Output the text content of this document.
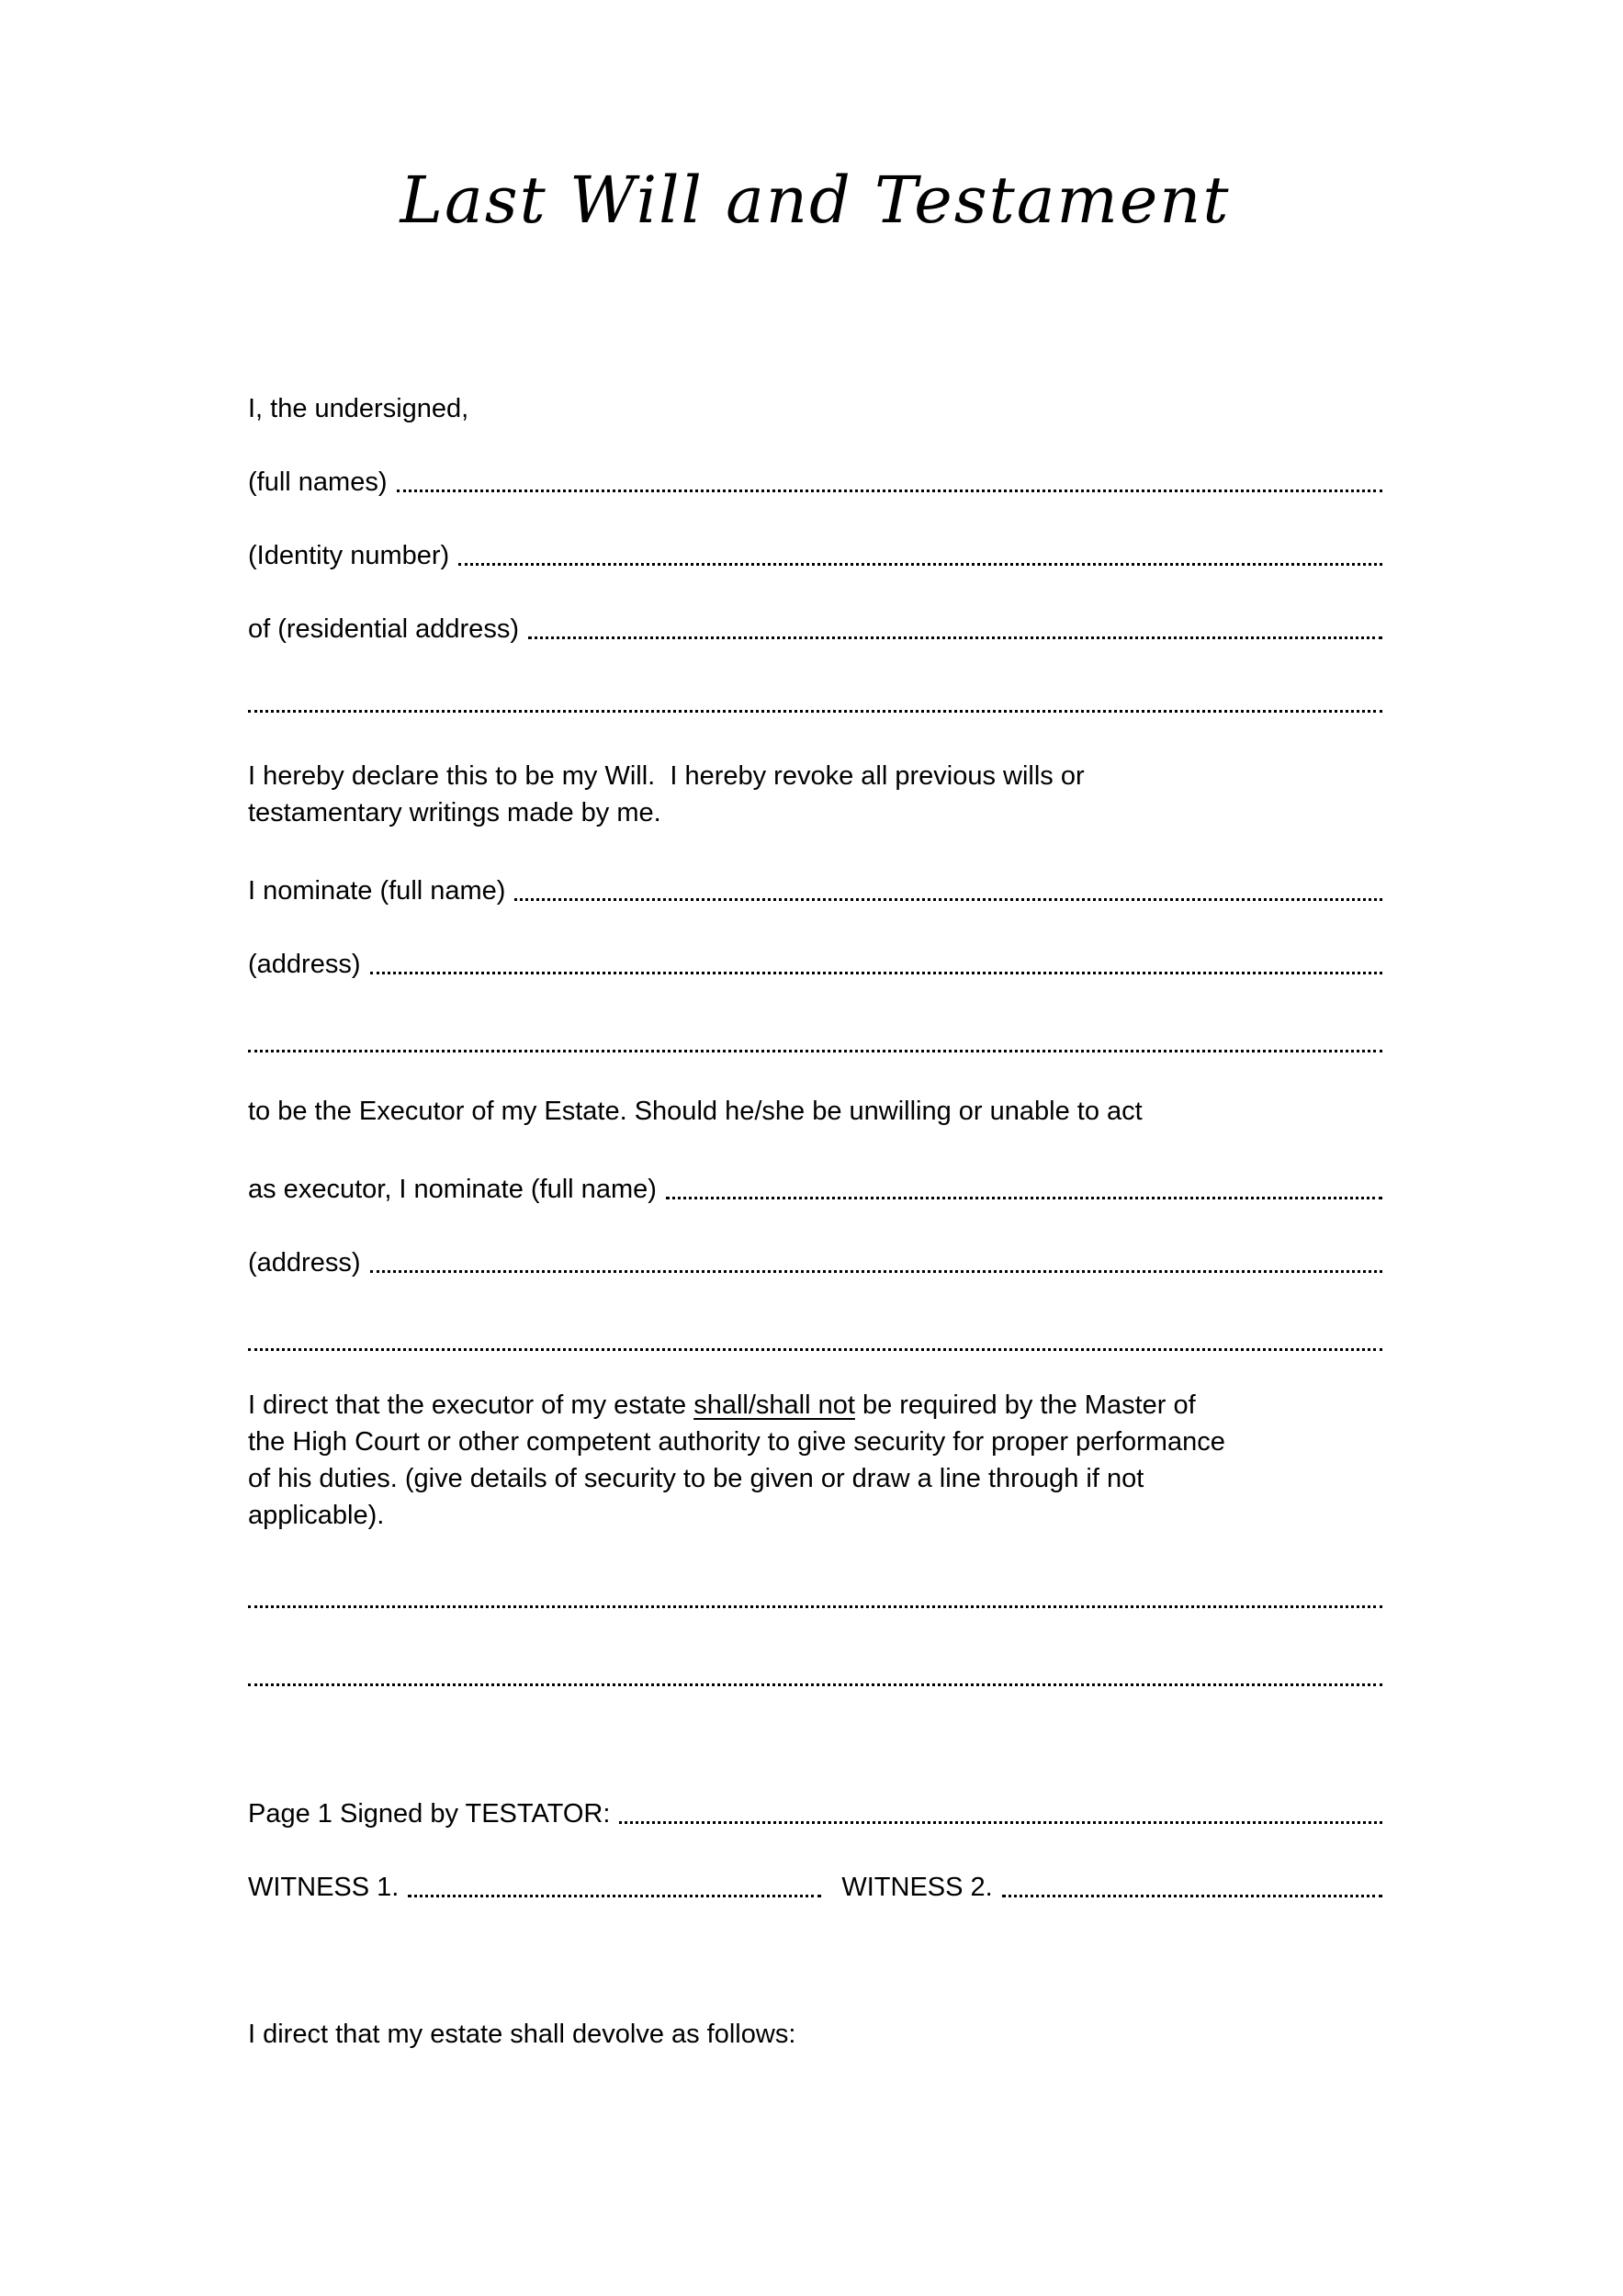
Last Will and Testament
I, the undersigned,
(full names)
(Identity number)
of (residential address)
I hereby declare this to be my Will.  I hereby revoke all previous wills or
testamentary writings made by me.
I nominate (full name)
(address)
to be the Executor of my Estate. Should he/she be unwilling or unable to act
as executor, I nominate (full name)
(address)
I direct that the executor of my estate shall/shall not be required by the Master of
the High Court or other competent authority to give security for proper performance
of his duties. (give details of security to be given or draw a line through if not
applicable).
Page 1 Signed by TESTATOR:
WITNESS 1.	WITNESS 2.
I direct that my estate shall devolve as follows:
